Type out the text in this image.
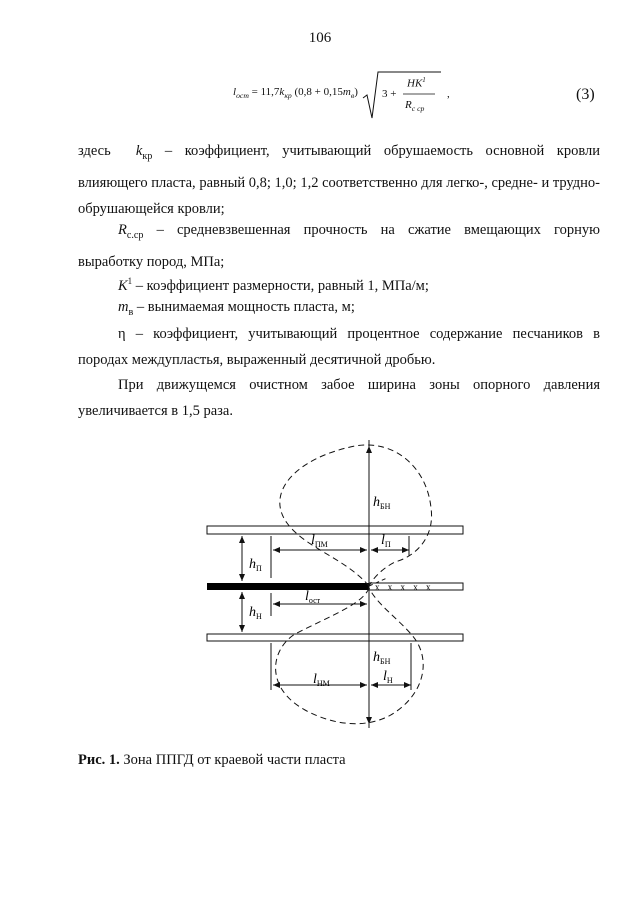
106
$l_{ост} = 11,7k_{кр}$ $(0,8 + 0,15m_в)$ 3 +
$HK^1$
$R_{с ср}$
,	(3)
здесь $k_{кр}$ – коэффициент, учитывающий обрушаемость основной кровли влияющего пласта, равный 0,8; 1,0; 1,2 соответственно для легко-, средне- и труднообрушающейся кровли;
$R_{с.ср}$ – средневзвешенная прочность на сжатие вмещающих горную выработку пород, МПа;
$K^1$ – коэффициент размерности, равный 1, МПа/м;
$m_в$ – вынимаемая мощность пласта, м;
η – коэффициент, учитывающий процентное содержание песчаников в породах междупластья, выраженный десятичной дробью.
При движущемся очистном забое ширина зоны опорного давления увеличивается в 1,5 раза.
x x x x x
$h_{БН}$
$h_П$
$h_Н$
$l_{ПМ}$	$l_П$
$l_{ост}$
$h_{БН}$
$l_{НМ}$	$l_Н$
Рис. 1. Зона ППГД от краевой части пласта
